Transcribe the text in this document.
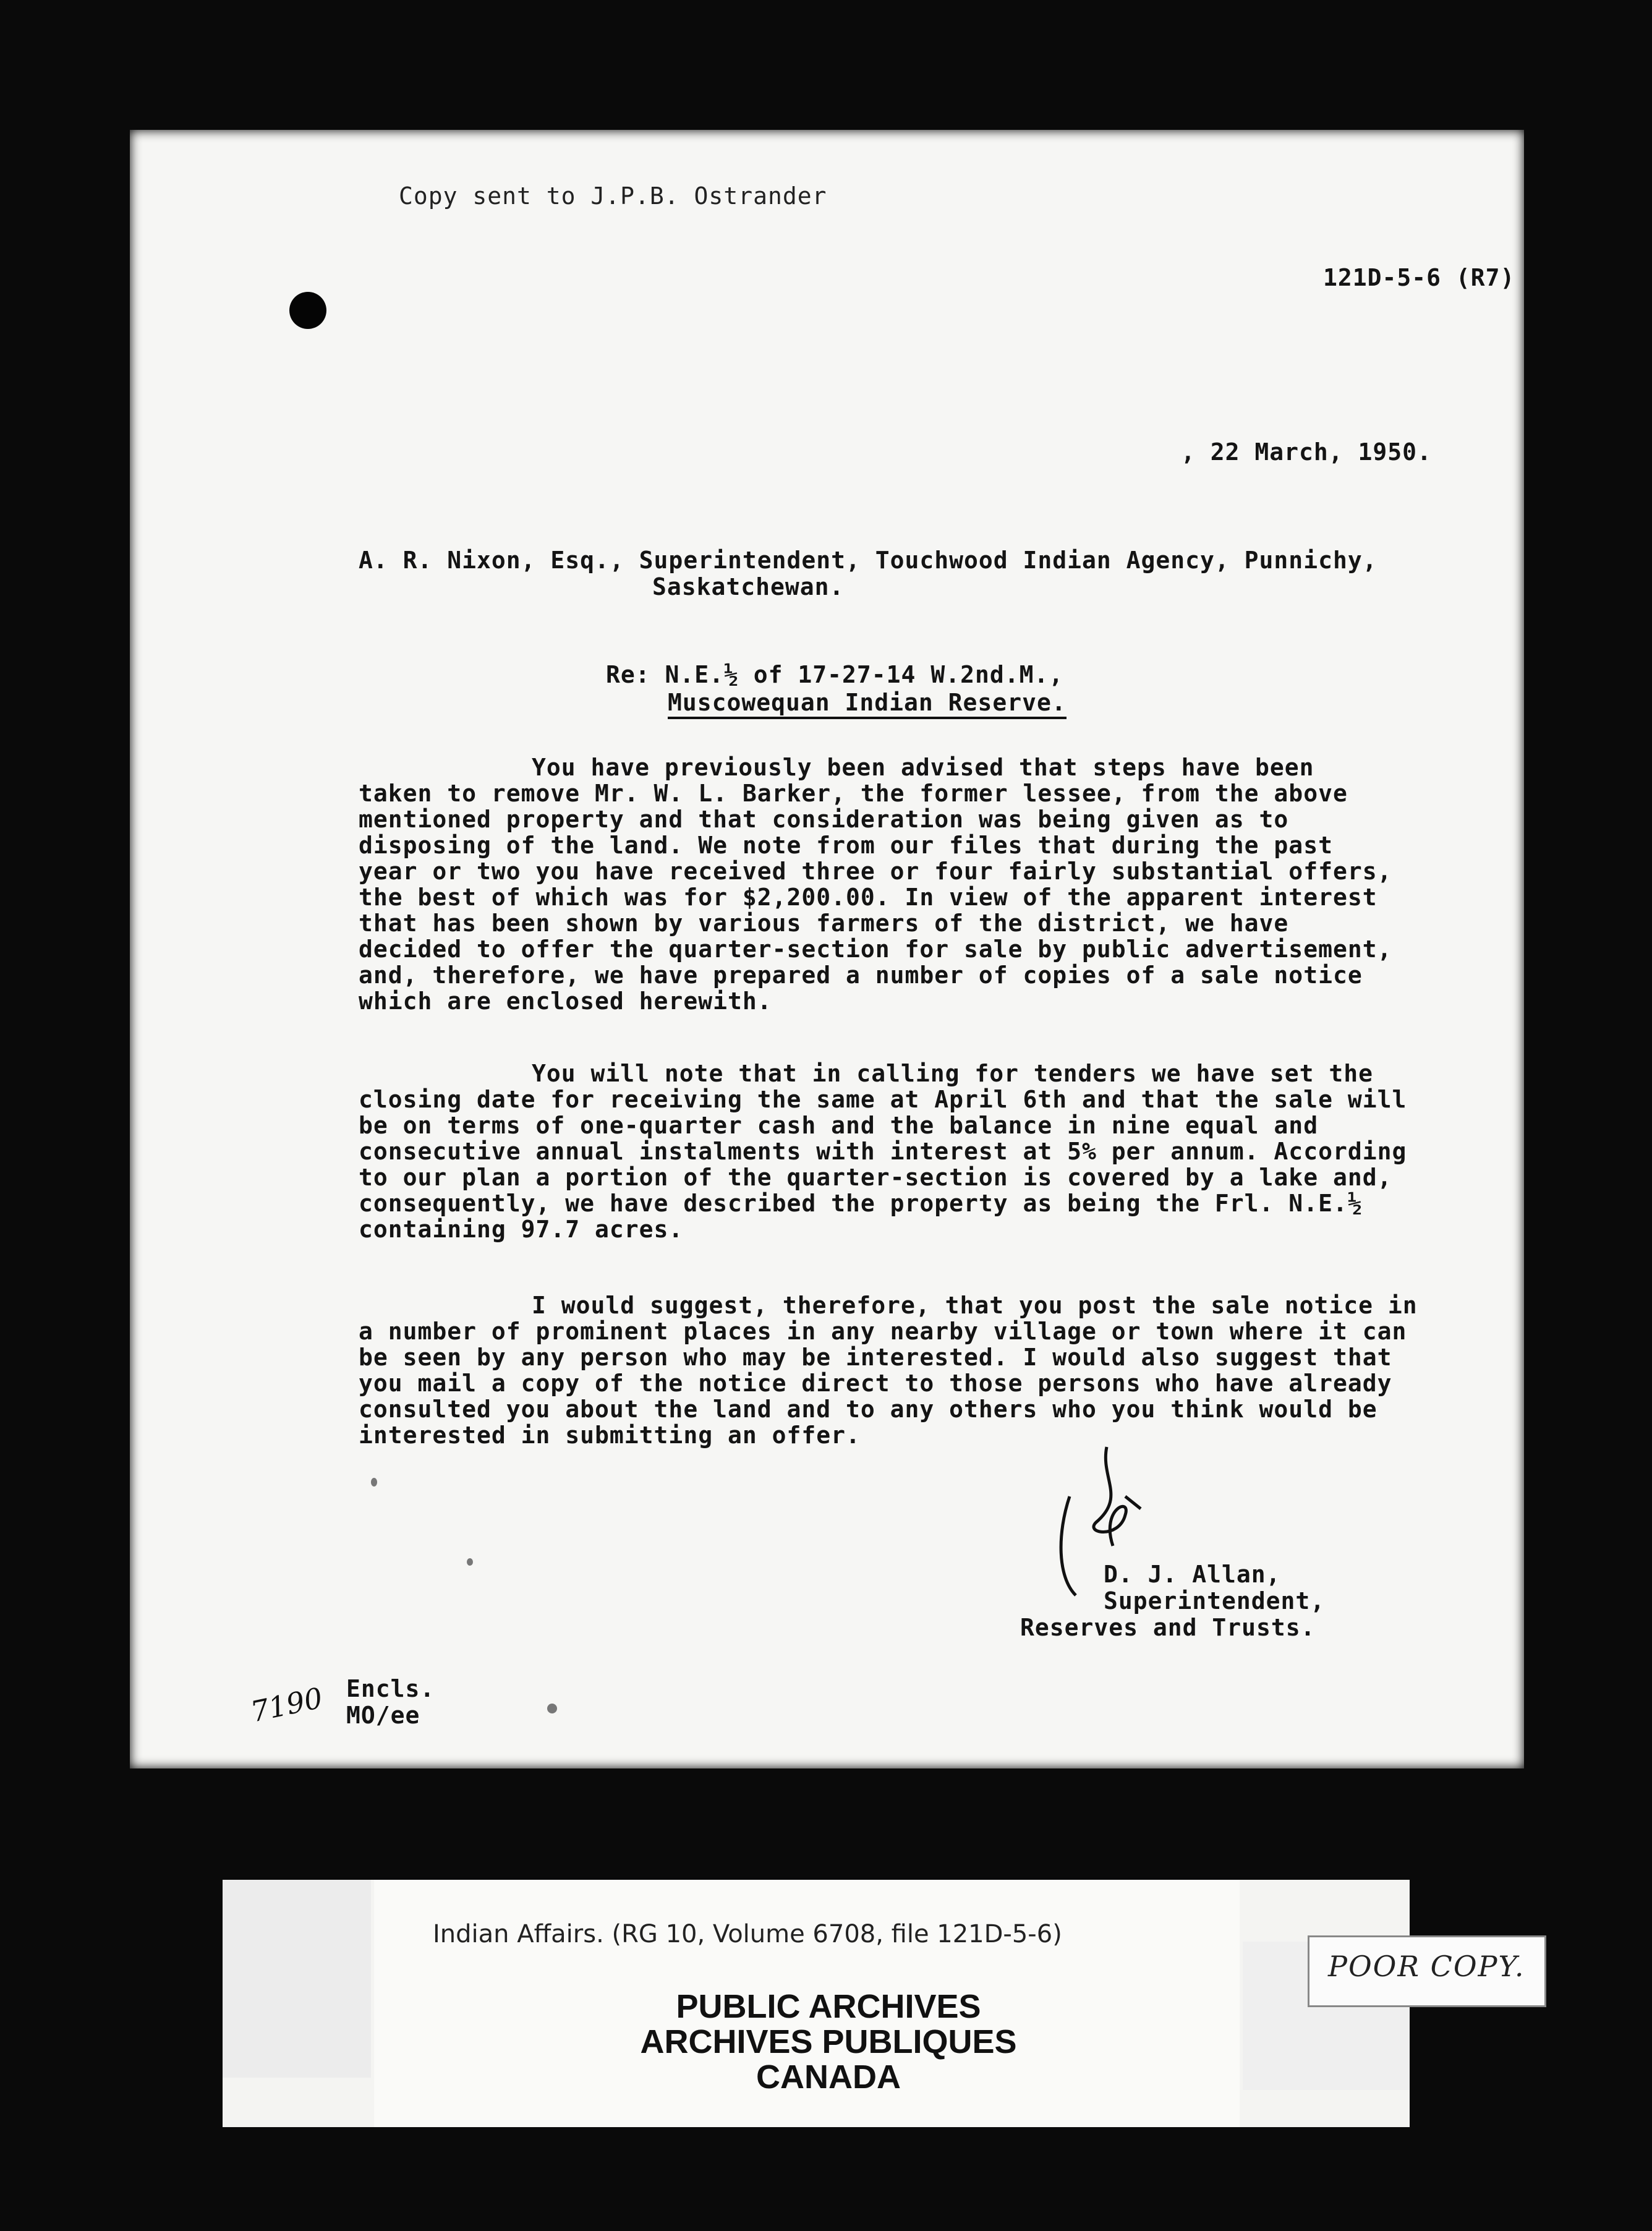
Copy sent to J.P.B. Ostrander
121D-5-6 (R7)
, 22 March, 1950.
A. R. Nixon, Esq., Superintendent, Touchwood Indian Agency, Punnichy,
Saskatchewan.
Re: N.E.½ of 17-27-14 W.2nd.M.,
Muscowequan Indian Reserve.
You have previously been advised that steps have been
taken to remove Mr. W. L. Barker, the former lessee, from the above
mentioned property and that consideration was being given as to
disposing of the land. We note from our files that during the past
year or two you have received three or four fairly substantial offers,
the best of which was for $2,200.00. In view of the apparent interest
that has been shown by various farmers of the district, we have
decided to offer the quarter-section for sale by public advertisement,
and, therefore, we have prepared a number of copies of a sale notice
which are enclosed herewith.
You will note that in calling for tenders we have set the
closing date for receiving the same at April 6th and that the sale will
be on terms of one-quarter cash and the balance in nine equal and
consecutive annual instalments with interest at 5% per annum. According
to our plan a portion of the quarter-section is covered by a lake and,
consequently, we have described the property as being the Frl. N.E.½
containing 97.7 acres.
I would suggest, therefore, that you post the sale notice in
a number of prominent places in any nearby village or town where it can
be seen by any person who may be interested. I would also suggest that
you mail a copy of the notice direct to those persons who have already
consulted you about the land and to any others who you think would be
interested in submitting an offer.
D. J. Allan,
Superintendent,
Reserves and Trusts.
Encls.
MO/ee
7190
Indian Affairs. (RG 10, Volume 6708, file 121D-5-6)
PUBLIC ARCHIVES
ARCHIVES PUBLIQUES
CANADA
POOR COPY.
